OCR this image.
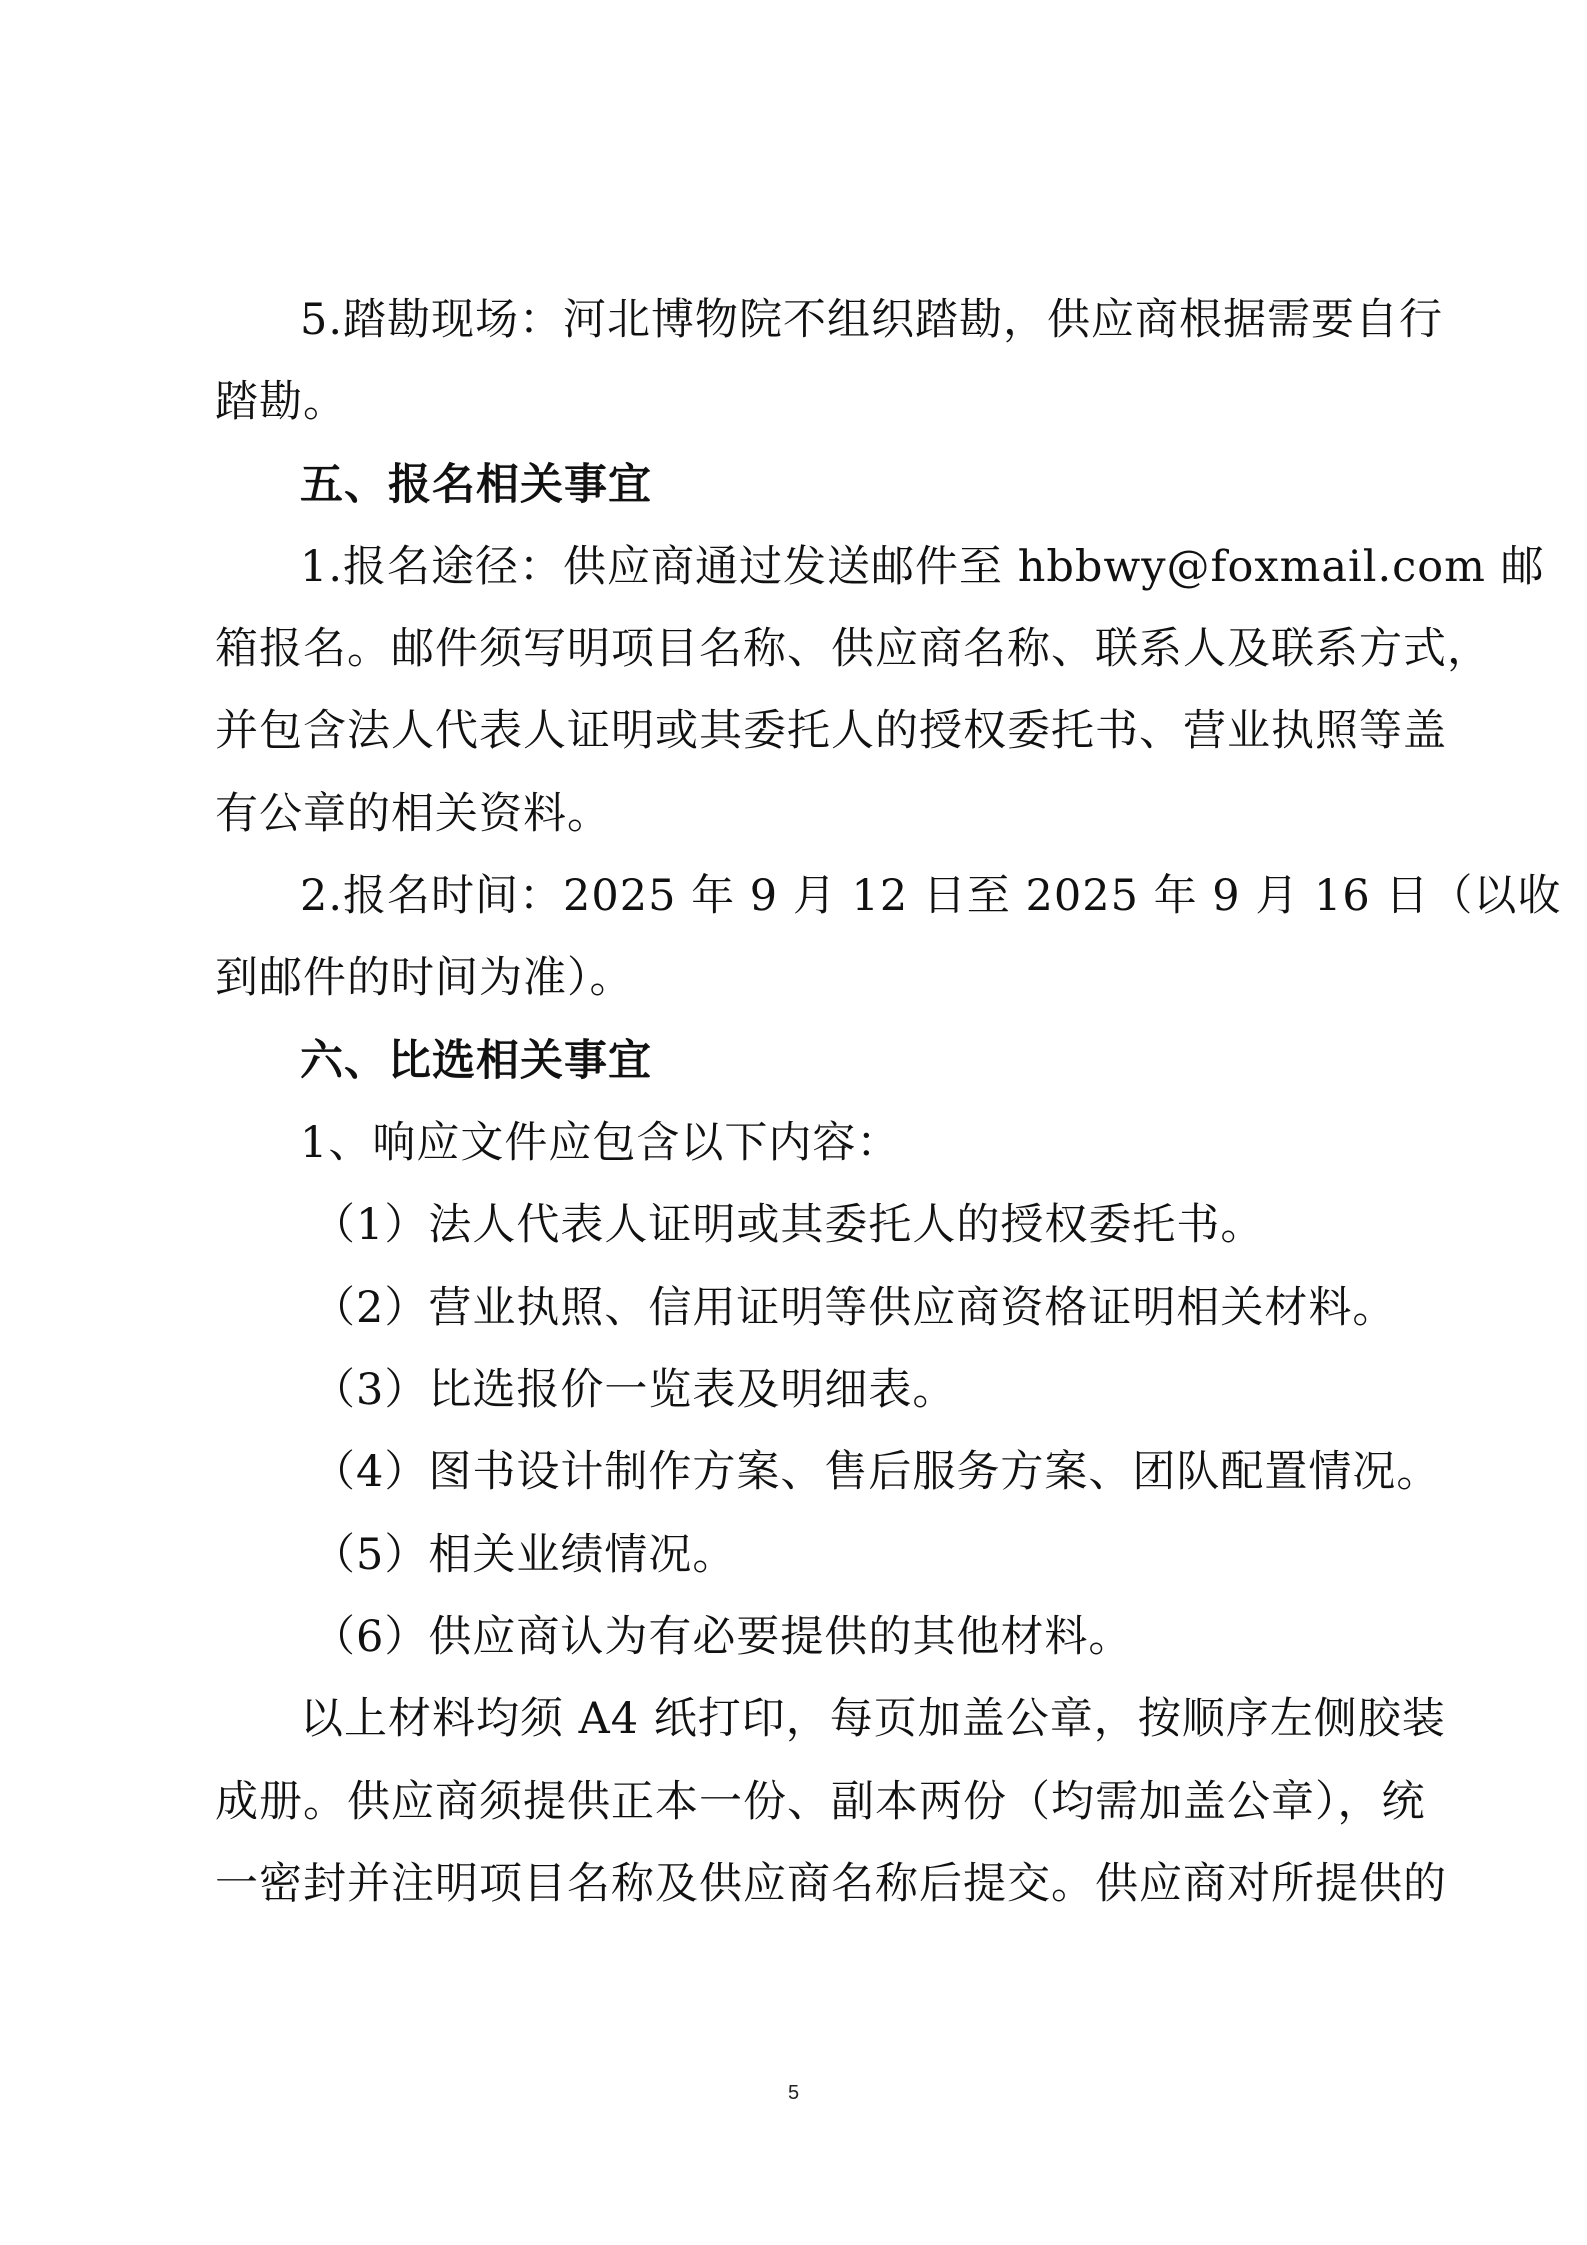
5.踏勘现场：河北博物院不组织踏勘，供应商根据需要自行
踏勘。
五、报名相关事宜
1.报名途径：供应商通过发送邮件至 hbbwy@foxmail.com 邮
箱报名。邮件须写明项目名称、供应商名称、联系人及联系方式，
并包含法人代表人证明或其委托人的授权委托书、营业执照等盖
有公章的相关资料。
2.报名时间：2025 年 9 月 12 日至 2025 年 9 月 16 日（以收
到邮件的时间为准）。
六、比选相关事宜
1、响应文件应包含以下内容：
（1）法人代表人证明或其委托人的授权委托书。
（2）营业执照、信用证明等供应商资格证明相关材料。
（3）比选报价一览表及明细表。
（4）图书设计制作方案、售后服务方案、团队配置情况。
（5）相关业绩情况。
（6）供应商认为有必要提供的其他材料。
以上材料均须 A4 纸打印，每页加盖公章，按顺序左侧胶装
成册。供应商须提供正本一份、副本两份（均需加盖公章），统
一密封并注明项目名称及供应商名称后提交。供应商对所提供的
5
